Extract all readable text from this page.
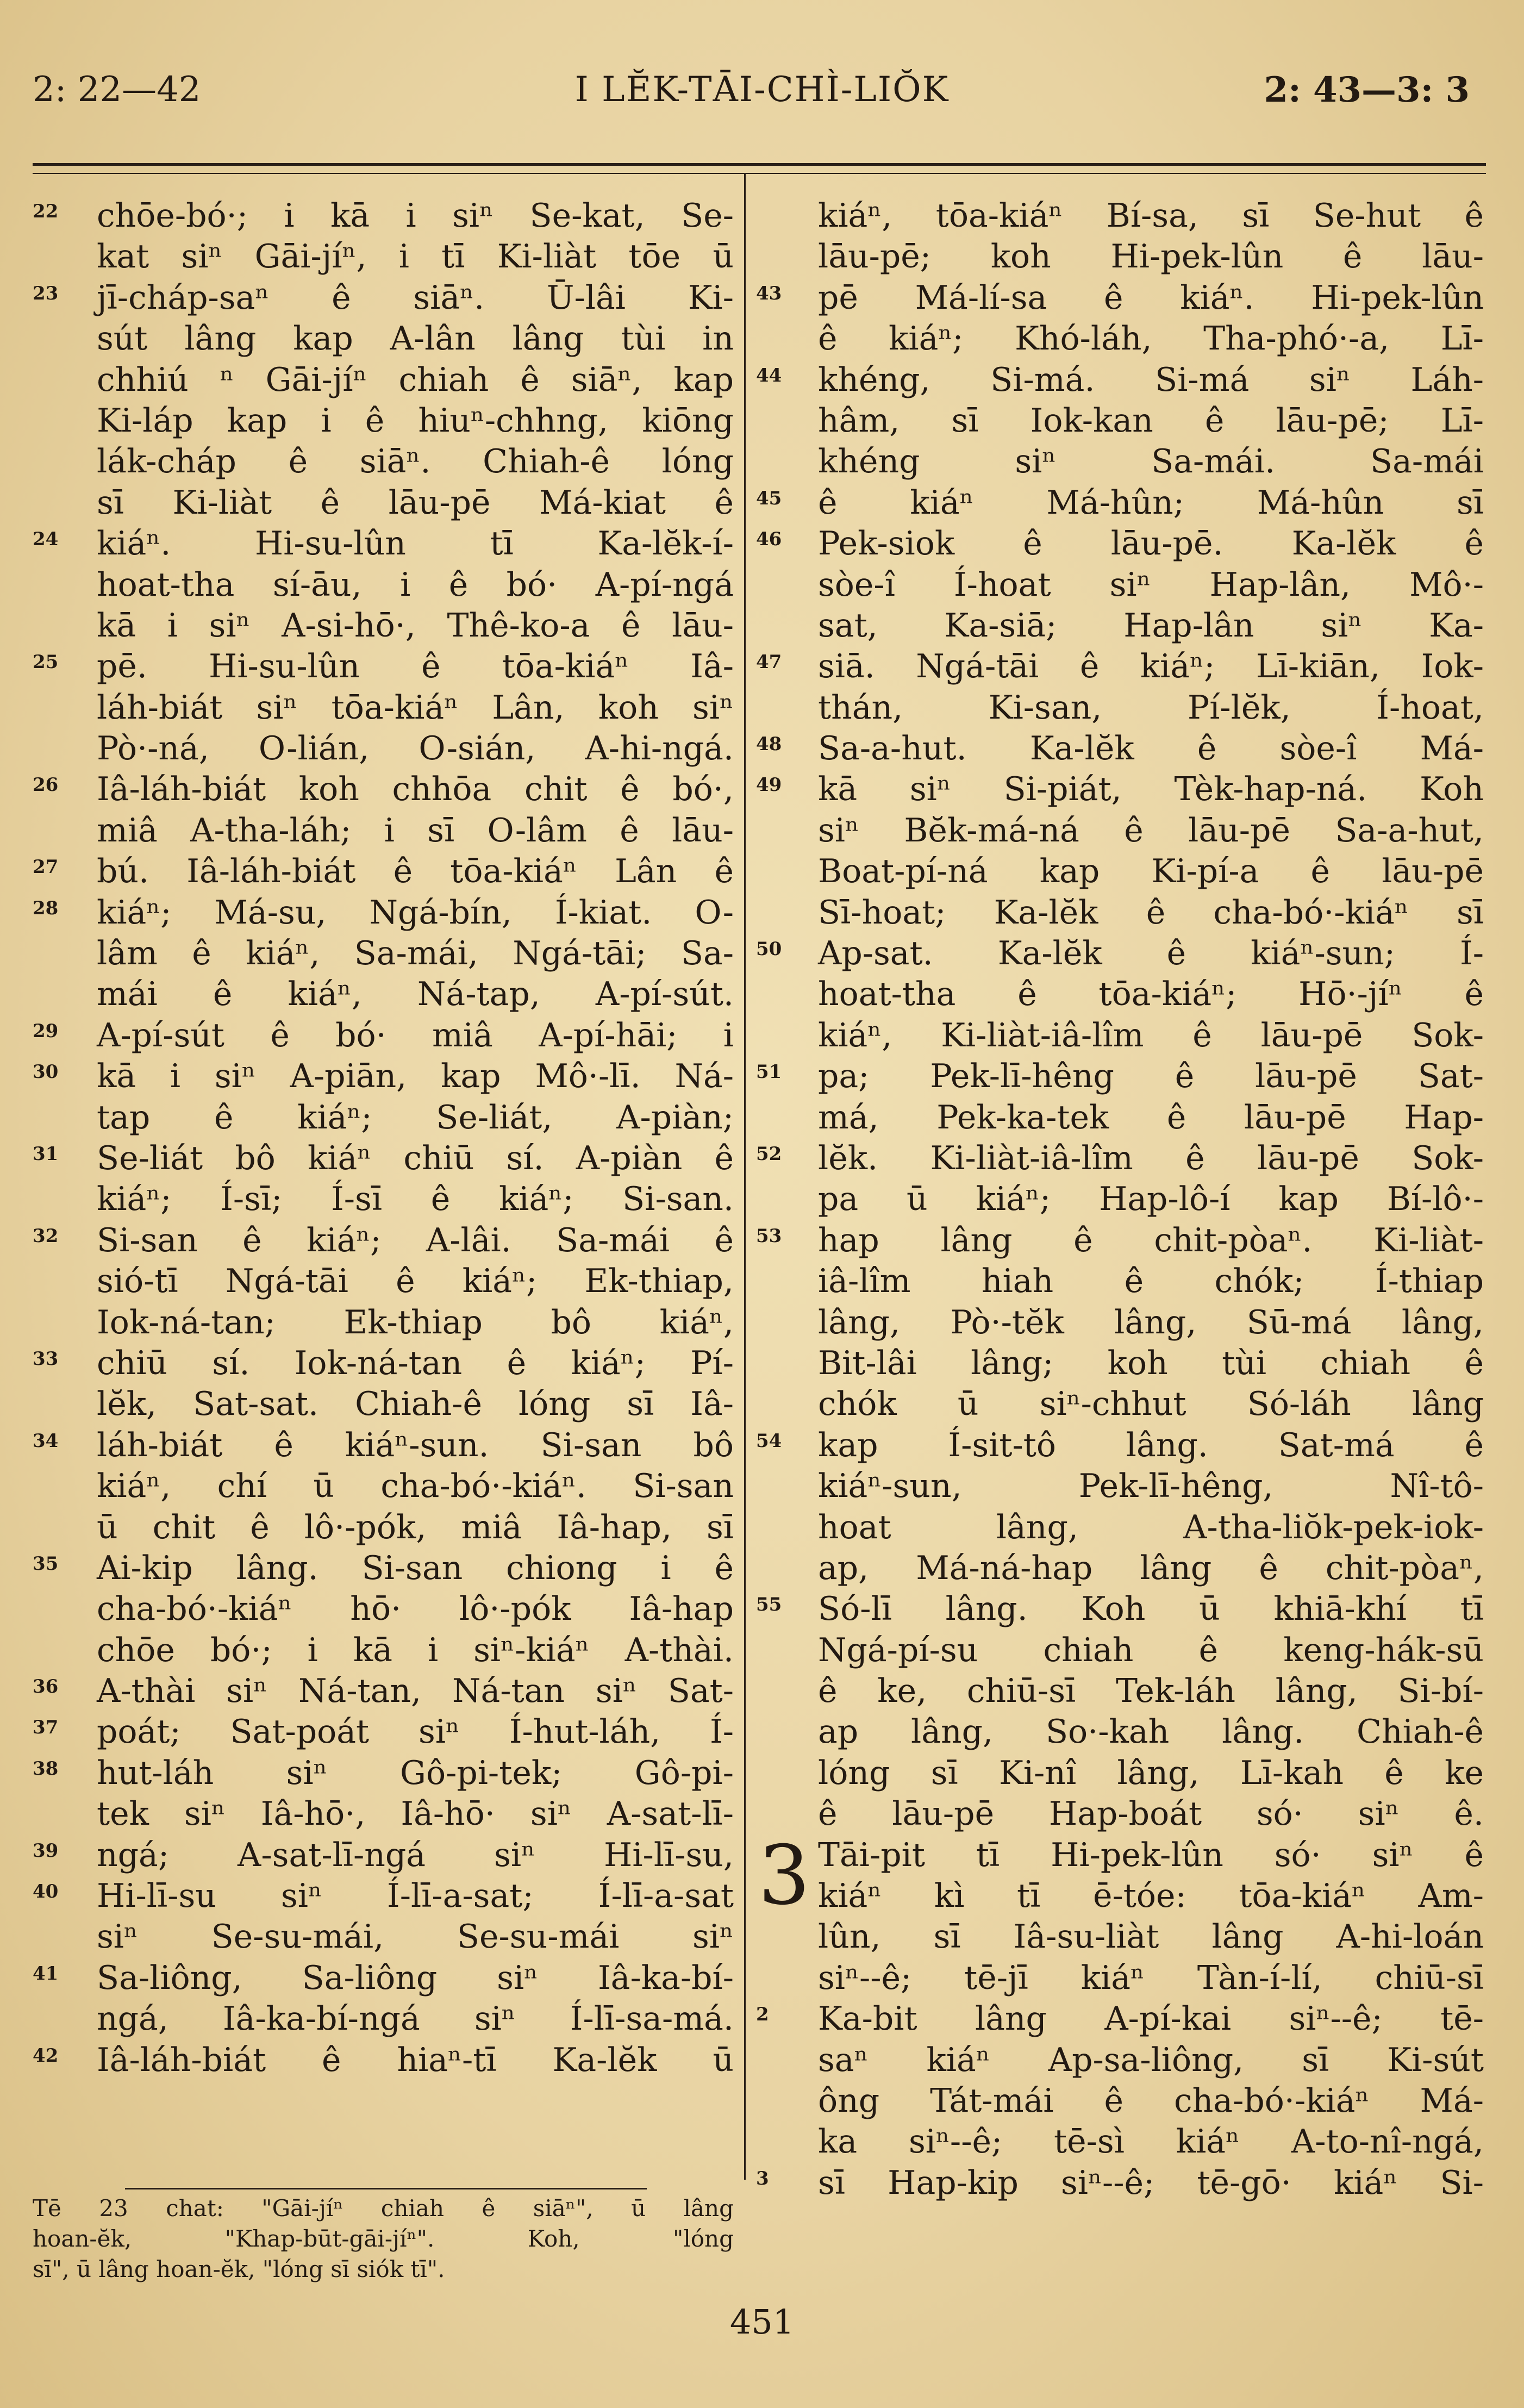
2: 22—42	I LĔK-TĀI-CHÌ-LIŎK	2: 43—3: 3
22 chōe-bó·; i kā i siⁿ Se-kat, Se-
kat siⁿ Gāi-jíⁿ, i tī Ki-liàt tōe ū
23 jī-cháp-saⁿ ê siāⁿ. Ū-lâi Ki-
sút lâng kap A-lân lâng tùi in
chhiú ⁿ Gāi-jíⁿ chiah ê siāⁿ, kap
Ki-láp kap i ê hiuⁿ-chhng, kiōng
lák-cháp ê siāⁿ. Chiah-ê lóng
sī Ki-liàt ê lāu-pē Má-kiat ê
24 kiáⁿ. Hi-su-lûn tī Ka-lĕk-í-
hoat-tha sí-āu, i ê bó· A-pí-ngá
kā i siⁿ A-si-hō·, Thê-ko-a ê lāu-
25 pē. Hi-su-lûn ê tōa-kiáⁿ Iâ-
láh-biát siⁿ tōa-kiáⁿ Lân, koh siⁿ
Pò·-ná, O-lián, O-sián, A-hi-ngá.
26 Iâ-láh-biát koh chhōa chit ê bó·,
miâ A-tha-láh; i sī O-lâm ê lāu-
27 bú. Iâ-láh-biát ê tōa-kiáⁿ Lân ê
28 kiáⁿ; Má-su, Ngá-bín, Í-kiat. O-
lâm ê kiáⁿ, Sa-mái, Ngá-tāi; Sa-
mái ê kiáⁿ, Ná-tap, A-pí-sút.
29 A-pí-sút ê bó· miâ A-pí-hāi; i
30 kā i siⁿ A-piān, kap Mô·-lī. Ná-
tap ê kiáⁿ; Se-liát, A-piàn;
31 Se-liát bô kiáⁿ chiū sí. A-piàn ê
kiáⁿ; Í-sī; Í-sī ê kiáⁿ; Si-san.
32 Si-san ê kiáⁿ; A-lâi. Sa-mái ê
sió-tī Ngá-tāi ê kiáⁿ; Ek-thiap,
Iok-ná-tan; Ek-thiap bô kiáⁿ,
33 chiū sí. Iok-ná-tan ê kiáⁿ; Pí-
lĕk, Sat-sat. Chiah-ê lóng sī Iâ-
34 láh-biát ê kiáⁿ-sun. Si-san bô
kiáⁿ, chí ū cha-bó·-kiáⁿ. Si-san
ū chit ê lô·-pók, miâ Iâ-hap, sī
35 Ai-kip lâng. Si-san chiong i ê
cha-bó·-kiáⁿ hō· lô·-pók Iâ-hap
chōe bó·; i kā i siⁿ-kiáⁿ A-thài.
36 A-thài siⁿ Ná-tan, Ná-tan siⁿ Sat-
37 poát; Sat-poát siⁿ Í-hut-láh, Í-
38 hut-láh siⁿ Gô-pi-tek; Gô-pi-
tek siⁿ Iâ-hō·, Iâ-hō· siⁿ A-sat-lī-
39 ngá; A-sat-lī-ngá siⁿ Hi-lī-su,
40 Hi-lī-su siⁿ Í-lī-a-sat; Í-lī-a-sat
siⁿ Se-su-mái, Se-su-mái siⁿ
41 Sa-liông, Sa-liông siⁿ Iâ-ka-bí-
ngá, Iâ-ka-bí-ngá siⁿ Í-lī-sa-má.
42 Iâ-láh-biát ê hiaⁿ-tī Ka-lĕk ū
kiáⁿ, tōa-kiáⁿ Bí-sa, sī Se-hut ê
lāu-pē; koh Hi-pek-lûn ê lāu-
43 pē Má-lí-sa ê kiáⁿ. Hi-pek-lûn
ê kiáⁿ; Khó-láh, Tha-phó·-a, Lī-
44 khéng, Si-má. Si-má siⁿ Láh-
hâm, sī Iok-kan ê lāu-pē; Lī-
khéng siⁿ Sa-mái. Sa-mái
45 ê kiáⁿ Má-hûn; Má-hûn sī
46 Pek-siok ê lāu-pē. Ka-lĕk ê
sòe-î Í-hoat siⁿ Hap-lân, Mô·-
sat, Ka-siā; Hap-lân siⁿ Ka-
47 siā. Ngá-tāi ê kiáⁿ; Lī-kiān, Iok-
thán, Ki-san, Pí-lĕk, Í-hoat,
48 Sa-a-hut. Ka-lĕk ê sòe-î Má-
49 kā siⁿ Si-piát, Tèk-hap-ná. Koh
siⁿ Bĕk-má-ná ê lāu-pē Sa-a-hut,
Boat-pí-ná kap Ki-pí-a ê lāu-pē
Sī-hoat; Ka-lĕk ê cha-bó·-kiáⁿ sī
50 Ap-sat. Ka-lĕk ê kiáⁿ-sun; Í-
hoat-tha ê tōa-kiáⁿ; Hō·-jíⁿ ê
kiáⁿ, Ki-liàt-iâ-lîm ê lāu-pē Sok-
51 pa; Pek-lī-hêng ê lāu-pē Sat-
má, Pek-ka-tek ê lāu-pē Hap-
52 lĕk. Ki-liàt-iâ-lîm ê lāu-pē Sok-
pa ū kiáⁿ; Hap-lô-í kap Bí-lô·-
53 hap lâng ê chit-pòaⁿ. Ki-liàt-
iâ-lîm hiah ê chók; Í-thiap
lâng, Pò·-tĕk lâng, Sū-má lâng,
Bit-lâi lâng; koh tùi chiah ê
chók ū siⁿ-chhut Só-láh lâng
54 kap Í-sit-tô lâng. Sat-má ê
kiáⁿ-sun, Pek-lī-hêng, Nî-tô-
hoat lâng, A-tha-liŏk-pek-iok-
ap, Má-ná-hap lâng ê chit-pòaⁿ,
55 Só-lī lâng. Koh ū khiā-khí tī
Ngá-pí-su chiah ê keng-hák-sū
ê ke, chiū-sī Tek-láh lâng, Si-bí-
ap lâng, So·-kah lâng. Chiah-ê
lóng sī Ki-nî lâng, Lī-kah ê ke
ê lāu-pē Hap-boát só· siⁿ ê.
3 Tāi-pit tī Hi-pek-lûn só· siⁿ ê
kiáⁿ kì tī ē-tóe: tōa-kiáⁿ Am-
lûn, sī Iâ-su-liàt lâng A-hi-loán
siⁿ--ê; tē-jī kiáⁿ Tàn-í-lí, chiū-sī
2	Ka-bit lâng A-pí-kai siⁿ--ê; tē-
saⁿ kiáⁿ Ap-sa-liông, sī Ki-sút
ông Tát-mái ê cha-bó·-kiáⁿ Má-
ka siⁿ--ê; tē-sì kiáⁿ A-to-nî-ngá,
3	sī Hap-kip siⁿ--ê; tē-gō· kiáⁿ Si-
Tē 23 chat: "Gāi-jíⁿ chiah ê siāⁿ", ū lâng
hoan-ĕk, "Khap-būt-gāi-jíⁿ". Koh, "lóng
sī", ū lâng hoan-ĕk, "lóng sī siók tī".
451
